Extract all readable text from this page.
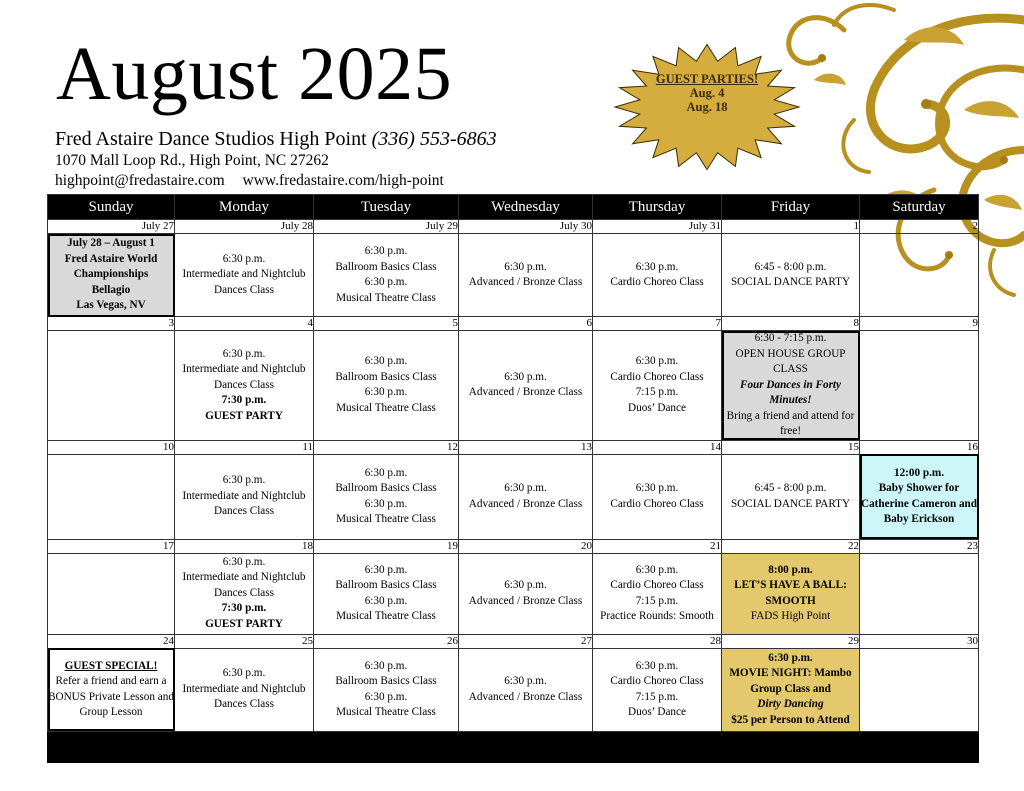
August 2025
Fred Astaire Dance Studios High Point (336) 553-6863
1070 Mall Loop Rd., High Point, NC 27262
highpoint@fredastaire.com www.fredastaire.com/high-point
GUEST PARTIES!
Aug. 4
Aug. 18
Sunday	Monday	Tuesday	Wednesday	Thursday	Friday	Saturday
July 27	July 28	July 29	July 30	July 31	1	2

July 28 – August 1
Fred Astaire World Championships
Bellagio
Las Vegas, NV	6:30 p.m.
Intermediate and Nightclub Dances Class	6:30 p.m.
Ballroom Basics Class
6:30 p.m.
Musical Theatre Class	6:30 p.m.
Advanced / Bronze Class	6:30 p.m.
Cardio Choreo Class	6:45 - 8:00 p.m.
SOCIAL DANCE PARTY	

3	4	5	6	7	8	9

	6:30 p.m.
Intermediate and Nightclub Dances Class
7:30 p.m.
GUEST PARTY	6:30 p.m.
Ballroom Basics Class
6:30 p.m.
Musical Theatre Class	6:30 p.m.
Advanced / Bronze Class	6:30 p.m.
Cardio Choreo Class
7:15 p.m.
Duos’ Dance	6:30 - 7:15 p.m.
OPEN HOUSE GROUP CLASS
Four Dances in Forty Minutes!
Bring a friend and attend for free!	

10	11	12	13	14	15	16

	6:30 p.m.
Intermediate and Nightclub Dances Class	6:30 p.m.
Ballroom Basics Class
6:30 p.m.
Musical Theatre Class	6:30 p.m.
Advanced / Bronze Class	6:30 p.m.
Cardio Choreo Class	6:45 - 8:00 p.m.
SOCIAL DANCE PARTY	12:00 p.m.
Baby Shower for Catherine Cameron and Baby Erickson

17	18	19	20	21	22	23

	6:30 p.m.
Intermediate and Nightclub Dances Class
7:30 p.m.
GUEST PARTY	6:30 p.m.
Ballroom Basics Class
6:30 p.m.
Musical Theatre Class	6:30 p.m.
Advanced / Bronze Class	6:30 p.m.
Cardio Choreo Class
7:15 p.m.
Practice Rounds: Smooth	8:00 p.m.
LET’S HAVE A BALL: SMOOTH
FADS High Point	

24	25	26	27	28	29	30

GUEST SPECIAL!
Refer a friend and earn a BONUS Private Lesson and Group Lesson	6:30 p.m.
Intermediate and Nightclub Dances Class	6:30 p.m.
Ballroom Basics Class
6:30 p.m.
Musical Theatre Class	6:30 p.m.
Advanced / Bronze Class	6:30 p.m.
Cardio Choreo Class
7:15 p.m.
Duos’ Dance	6:30 p.m.
MOVIE NIGHT: Mambo Group Class and
Dirty Dancing
$25 per Person to Attend	
